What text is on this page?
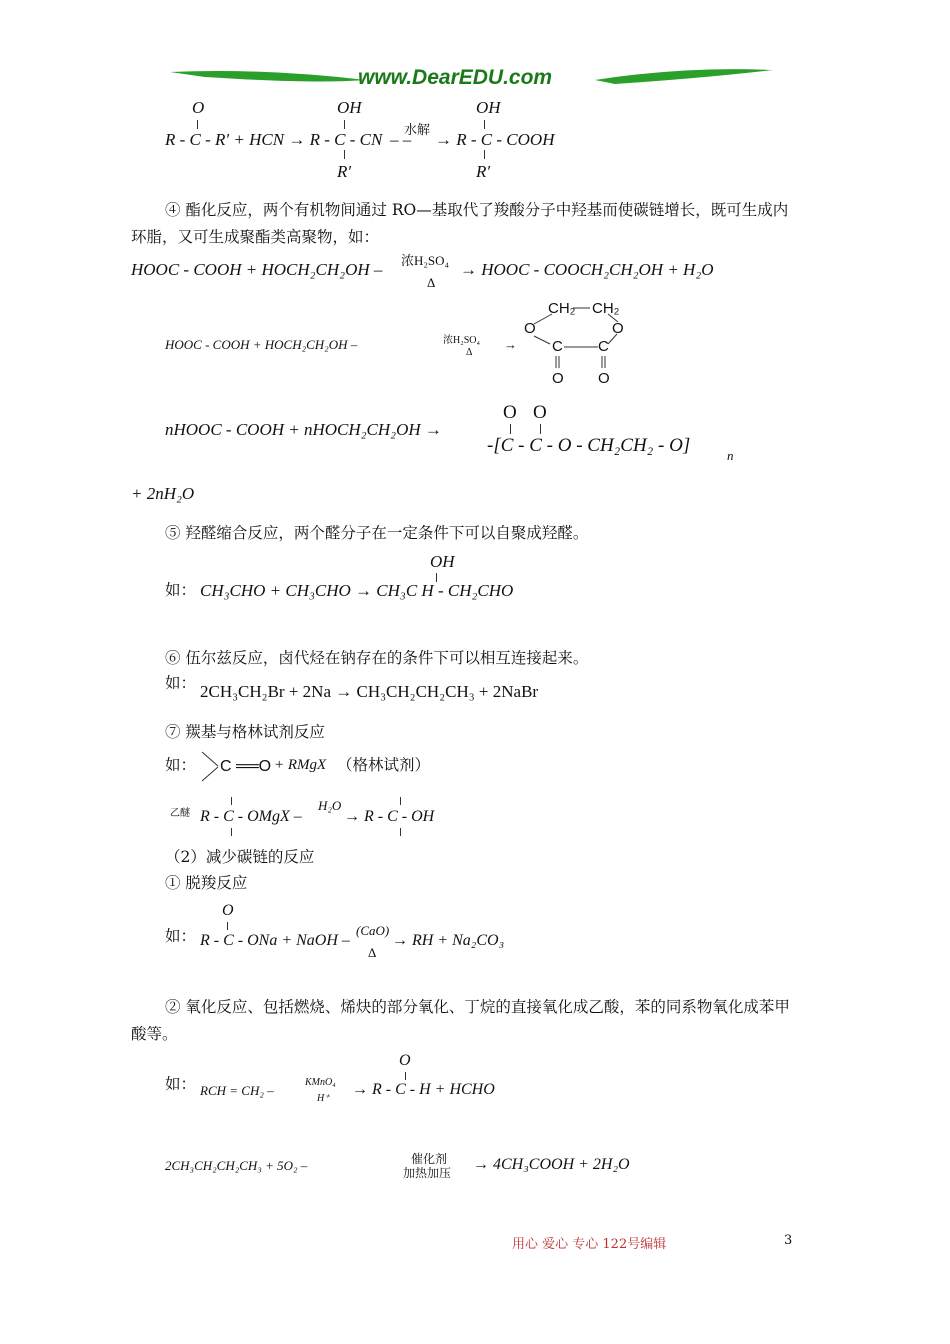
www.DearEDU.com
O	OH	OH
R - C - R′ + HCN → R - C - CN 水解
– – → R - C - COOH
R′	R′
④ 酯化反应，两个有机物间通过 RO—基取代了羧酸分子中羟基而使碳链增长，既可生成内
环脂，又可生成聚酯类高聚物，如：
HOOC - COOH + HOCH₂CH₂OH – 浓H₂SO₄
Δ
→ HOOC - COOCH₂CH₂OH + H₂O
HOOC - COOH + HOCH₂CH₂OH –	浓H₂SO₄
Δ
→
CH₂ CH₂
O	O
C C
O O
O O
nHOOC - COOH + nHOCH₂CH₂OH →
-[C - C - O - CH₂CH₂ - O]	n
+ 2nH₂O
⑤ 羟醛缩合反应，两个醛分子在一定条件下可以自聚成羟醛。
OH
如： CH₃CHO + CH₃CHO → CH₃C H - CH₂CHO
⑥ 伍尔兹反应，卤代烃在钠存在的条件下可以相互连接起来。
如： 2CH₃CH₂Br + 2Na → CH₃CH₂CH₂CH₃ + 2NaBr
⑦ 羰基与格林试剂反应
如： C ══O + RMgX （格林试剂）
乙醚 R - C - OMgX –
H₂O
→ R - C - OH
（2）减少碳链的反应
① 脱羧反应
O
如： R - C - ONa + NaOH –
(CaO)
Δ
→ RH + Na₂CO₃
② 氧化反应、包括燃烧、烯炔的部分氧化、丁烷的直接氧化成乙酸，苯的同系物氧化成苯甲
酸等。
O
如： RCH = CH₂ –
KMnO₄
H⁺
→ R - C - H + HCHO
2CH₃CH₂CH₂CH₃ + 5O₂ –	催化剂
加热加压 → 4CH₃COOH + 2H₂O
用心 爱心 专心 122号编辑	3
